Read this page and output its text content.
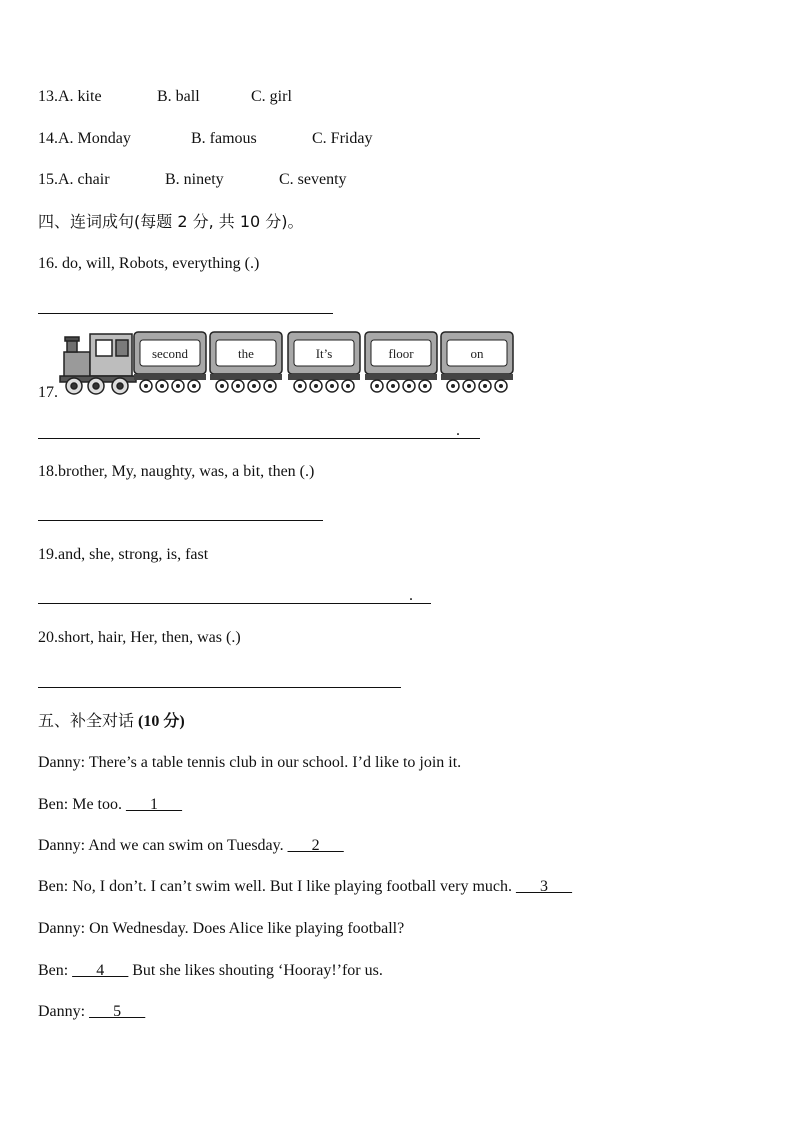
13.A. kite	B. ball	C. girl
14.A. Monday	B. famous	C. Friday
15.A. chair	B. ninety	C. seventy
四、连词成句(每题 2 分, 共 10 分)。
16. do, will, Robots, everything (.)
second	the	It’s	floor	on
17.
.
18.brother, My, naughty, was, a bit, then (.)
19.and, she, strong, is, fast
.
20.short, hair, Her, then, was (.)
五、补全对话 (10 分)
Danny: There’s a table tennis club in our school. I’d like to join it.
Ben: Me too. ___1___
Danny: And we can swim on Tuesday. ___2___
Ben: No, I don’t. I can’t swim well. But I like playing football very much. ___3___
Danny: On Wednesday. Does Alice like playing football?
Ben: ___4___ But she likes shouting ‘Hooray!’for us.
Danny: ___5___
